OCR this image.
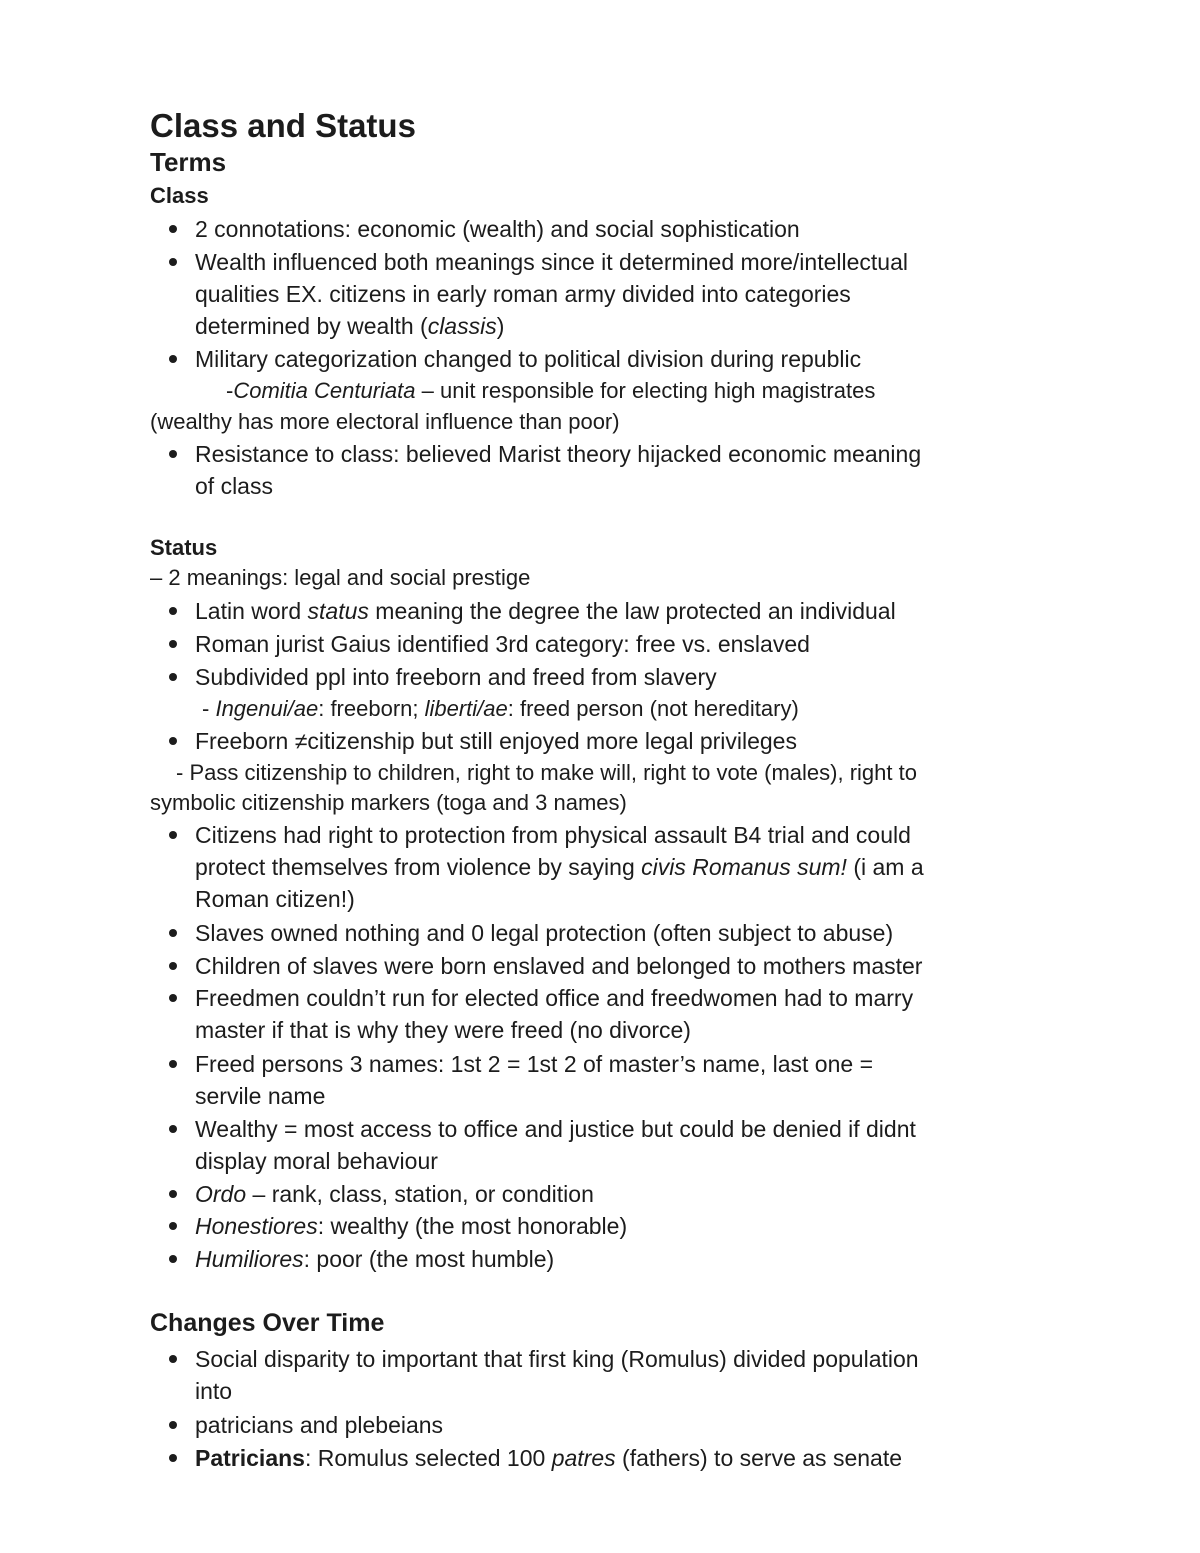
Class and Status
Terms
Class
2 connotations: economic (wealth) and social sophistication
Wealth influenced both meanings since it determined more/intellectual
qualities EX. citizens in early roman army divided into categories
determined by wealth (classis)
Military categorization changed to political division during republic
-Comitia Centuriata – unit responsible for electing high magistrates
(wealthy has more electoral influence than poor)
Resistance to class: believed Marist theory hijacked economic meaning
of class
Status
– 2 meanings: legal and social prestige
Latin word status meaning the degree the law protected an individual
Roman jurist Gaius identified 3rd category: free vs. enslaved
Subdivided ppl into freeborn and freed from slavery
- Ingenui/ae: freeborn; liberti/ae: freed person (not hereditary)
Freeborn ≠citizenship but still enjoyed more legal privileges
- Pass citizenship to children, right to make will, right to vote (males), right to
symbolic citizenship markers (toga and 3 names)
Citizens had right to protection from physical assault B4 trial and could
protect themselves from violence by saying civis Romanus sum! (i am a
Roman citizen!)
Slaves owned nothing and 0 legal protection (often subject to abuse)
Children of slaves were born enslaved and belonged to mothers master
Freedmen couldn’t run for elected office and freedwomen had to marry
master if that is why they were freed (no divorce)
Freed persons 3 names: 1st 2 = 1st 2 of master’s name, last one =
servile name
Wealthy = most access to office and justice but could be denied if didnt
display moral behaviour
Ordo – rank, class, station, or condition
Honestiores: wealthy (the most honorable)
Humiliores: poor (the most humble)
Changes Over Time
Social disparity to important that first king (Romulus) divided population
into
patricians and plebeians
Patricians: Romulus selected 100 patres (fathers) to serve as senate
